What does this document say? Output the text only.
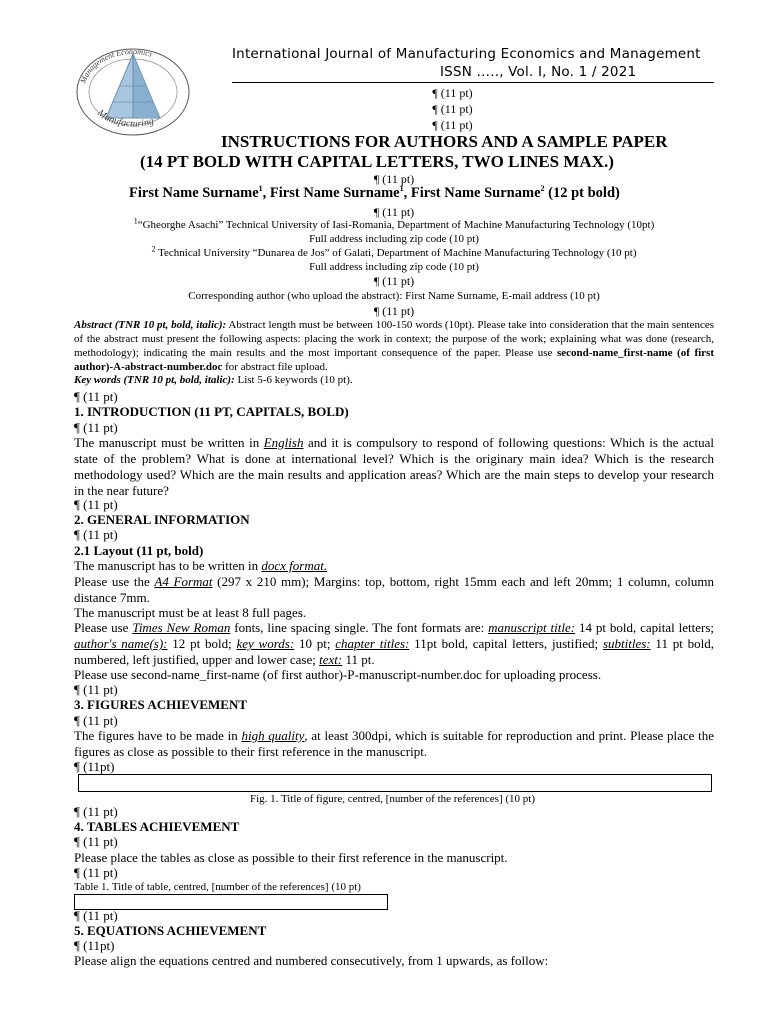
Management Economics
Manufacturing
International Journal of Manufacturing Economics and Management
ISSN ….., Vol. I, No. 1 / 2021
¶ (11 pt)
¶ (11 pt)
¶ (11 pt)
INSTRUCTIONS FOR AUTHORS AND A SAMPLE PAPER
(14 PT BOLD WITH CAPITAL LETTERS, TWO LINES MAX.)
¶ (11 pt)
First Name Surname$^1$, First Name Surname$^1$, First Name Surname$^2$ (12 pt bold)
¶ (11 pt)
$^1$“Gheorghe Asachi” Technical University of Iasi-Romania, Department of Machine Manufacturing Technology (10pt)
Full address including zip code (10 pt)
$^2$ Technical University “Dunarea de Jos” of Galati, Department of Machine Manufacturing Technology (10 pt)
Full address including zip code (10 pt)
¶ (11 pt)
Corresponding author (who upload the abstract): First Name Surname, E-mail address (10 pt)
¶ (11 pt)
Abstract (TNR 10 pt, bold, italic): Abstract length must be between 100-150 words (10pt). Please take into consideration that the main sentences of the abstract must present the following aspects: placing the work in context; the purpose of the work; explaining what was done (research, methodology); indicating the main results and the most important consequence of the paper. Please use second-name_first-name (of first author)-A-abstract-number.doc for abstract file upload.
Key words (TNR 10 pt, bold, italic): List 5-6 keywords (10 pt).
¶ (11 pt)
1. INTRODUCTION (11 PT, CAPITALS, BOLD)
¶ (11 pt)
The manuscript must be written in English and it is compulsory to respond of following questions: Which is the actual state of the problem? What is done at international level? Which is the originary main idea? Which is the research methodology used? Which are the main results and application areas? Which are the main steps to develop your research in the near future?
¶ (11 pt)
2. GENERAL INFORMATION
¶ (11 pt)
2.1 Layout (11 pt, bold)
The manuscript has to be written in docx format.
Please use the A4 Format (297 x 210 mm); Margins: top, bottom, right 15mm each and left 20mm; 1 column, column distance 7mm.
The manuscript must be at least 8 full pages.
Please use Times New Roman fonts, line spacing single. The font formats are: manuscript title: 14 pt bold, capital letters; author's name(s): 12 pt bold; key words: 10 pt; chapter titles: 11pt bold, capital letters, justified; subtitles: 11 pt bold, numbered, left justified, upper and lower case; text: 11 pt.
Please use second-name_first-name (of first author)-P-manuscript-number.doc for uploading process.
¶ (11 pt)
3. FIGURES ACHIEVEMENT
¶ (11 pt)
The figures have to be made in high quality, at least 300dpi, which is suitable for reproduction and print. Please place the figures as close as possible to their first reference in the manuscript.
¶ (11pt)
Fig. 1. Title of figure, centred, [number of the references] (10 pt)
¶ (11 pt)
4. TABLES ACHIEVEMENT
¶ (11 pt)
Please place the tables as close as possible to their first reference in the manuscript.
¶ (11 pt)
Table 1. Title of table, centred, [number of the references] (10 pt)
¶ (11 pt)
5. EQUATIONS ACHIEVEMENT
¶ (11pt)
Please align the equations centred and numbered consecutively, from 1 upwards, as follow:
